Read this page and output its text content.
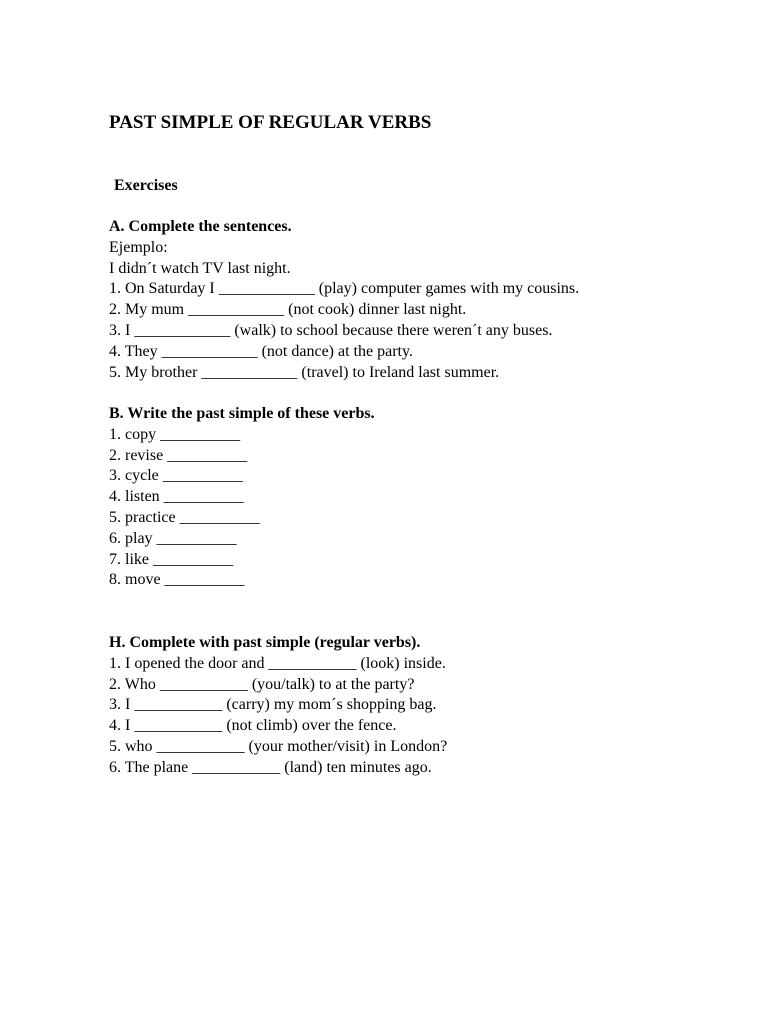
PAST SIMPLE OF REGULAR VERBS
Exercises
A. Complete the sentences.
Ejemplo:
I didn´t watch TV last night.
1. On Saturday I ____________ (play) computer games with my cousins.
2. My mum ____________ (not cook) dinner last night.
3. I ____________ (walk) to school because there weren´t any buses.
4. They ____________ (not dance) at the party.
5. My brother ____________ (travel) to Ireland last summer.
B. Write the past simple of these verbs.
1. copy __________
2. revise __________
3. cycle __________
4. listen __________
5. practice __________
6. play __________
7. like __________
8. move __________
H. Complete with past simple (regular verbs).
1. I opened the door and ___________ (look) inside.
2. Who ___________ (you/talk) to at the party?
3. I ___________ (carry) my mom´s shopping bag.
4. I ___________ (not climb) over the fence.
5. who ___________ (your mother/visit) in London?
6. The plane ___________ (land) ten minutes ago.
